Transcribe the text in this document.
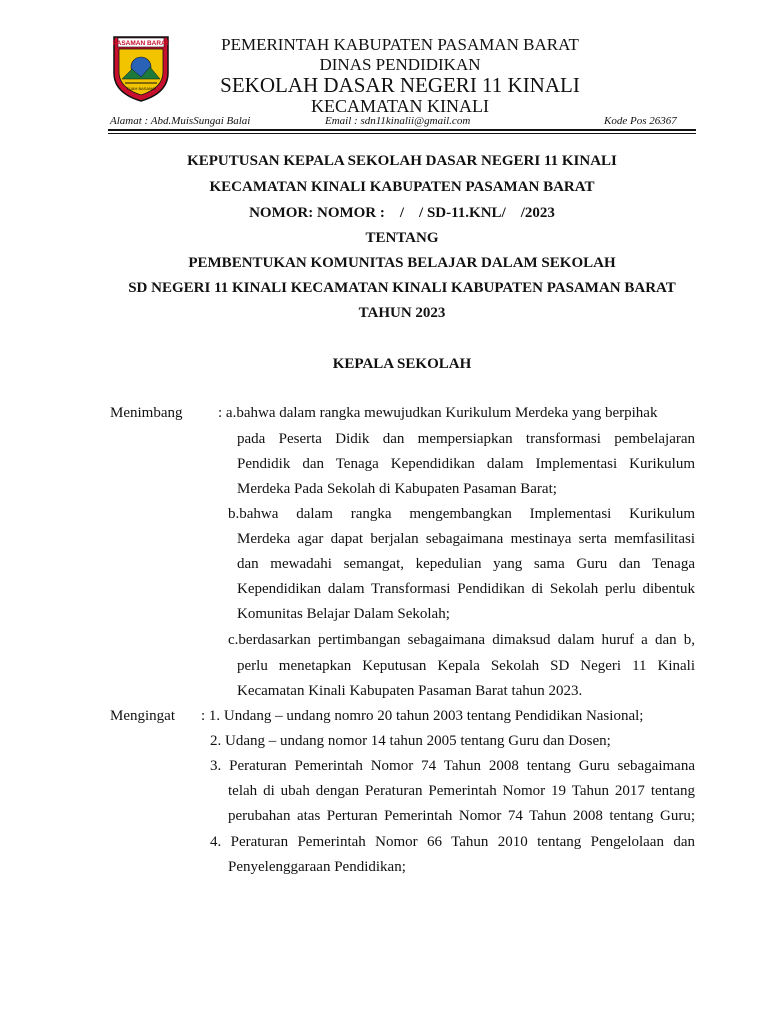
PASAMAN BARAT
TUAH BASAMO
PEMERINTAH KABUPATEN PASAMAN BARAT
DINAS PENDIDIKAN
SEKOLAH DASAR NEGERI 11 KINALI
KECAMATAN KINALI
Alamat : Abd.MuisSungai Balai	Email : sdn11kinalii@gmail.com	Kode Pos 26367
KEPUTUSAN KEPALA SEKOLAH DASAR NEGERI 11 KINALI
KECAMATAN KINALI KABUPATEN PASAMAN BARAT
NOMOR: NOMOR :    /    / SD-11.KNL/    /2023
TENTANG
PEMBENTUKAN KOMUNITAS BELAJAR DALAM SEKOLAH
SD NEGERI 11 KINALI KECAMATAN KINALI KABUPATEN PASAMAN BARAT
TAHUN 2023
KEPALA SEKOLAH
Menimbang : a.bahwa dalam rangka mewujudkan Kurikulum Merdeka yang berpihak
pada Peserta Didik dan mempersiapkan transformasi pembelajaran
Pendidik dan Tenaga Kependidikan dalam Implementasi Kurikulum
Merdeka Pada Sekolah di Kabupaten Pasaman Barat;
b.bahwa dalam rangka mengembangkan Implementasi Kurikulum
Merdeka agar dapat berjalan sebagaimana mestinaya serta memfasilitasi
dan mewadahi semangat, kepedulian yang sama Guru dan Tenaga
Kependidikan dalam Transformasi Pendidikan di Sekolah perlu dibentuk
Komunitas Belajar Dalam Sekolah;
c.berdasarkan pertimbangan sebagaimana dimaksud dalam huruf a dan b,
perlu menetapkan Keputusan Kepala Sekolah SD Negeri 11 Kinali
Kecamatan Kinali Kabupaten Pasaman Barat tahun 2023.
Mengingat : 1. Undang – undang nomro 20 tahun 2003 tentang Pendidikan Nasional;
2. Udang – undang nomor 14 tahun 2005 tentang Guru dan Dosen;
3. Peraturan Pemerintah Nomor 74 Tahun 2008 tentang Guru sebagaimana
telah di ubah dengan Peraturan Pemerintah Nomor 19 Tahun 2017 tentang
perubahan atas Perturan Pemerintah Nomor 74 Tahun 2008 tentang Guru;
4. Peraturan Pemerintah Nomor 66 Tahun 2010 tentang Pengelolaan dan
Penyelenggaraan Pendidikan;
